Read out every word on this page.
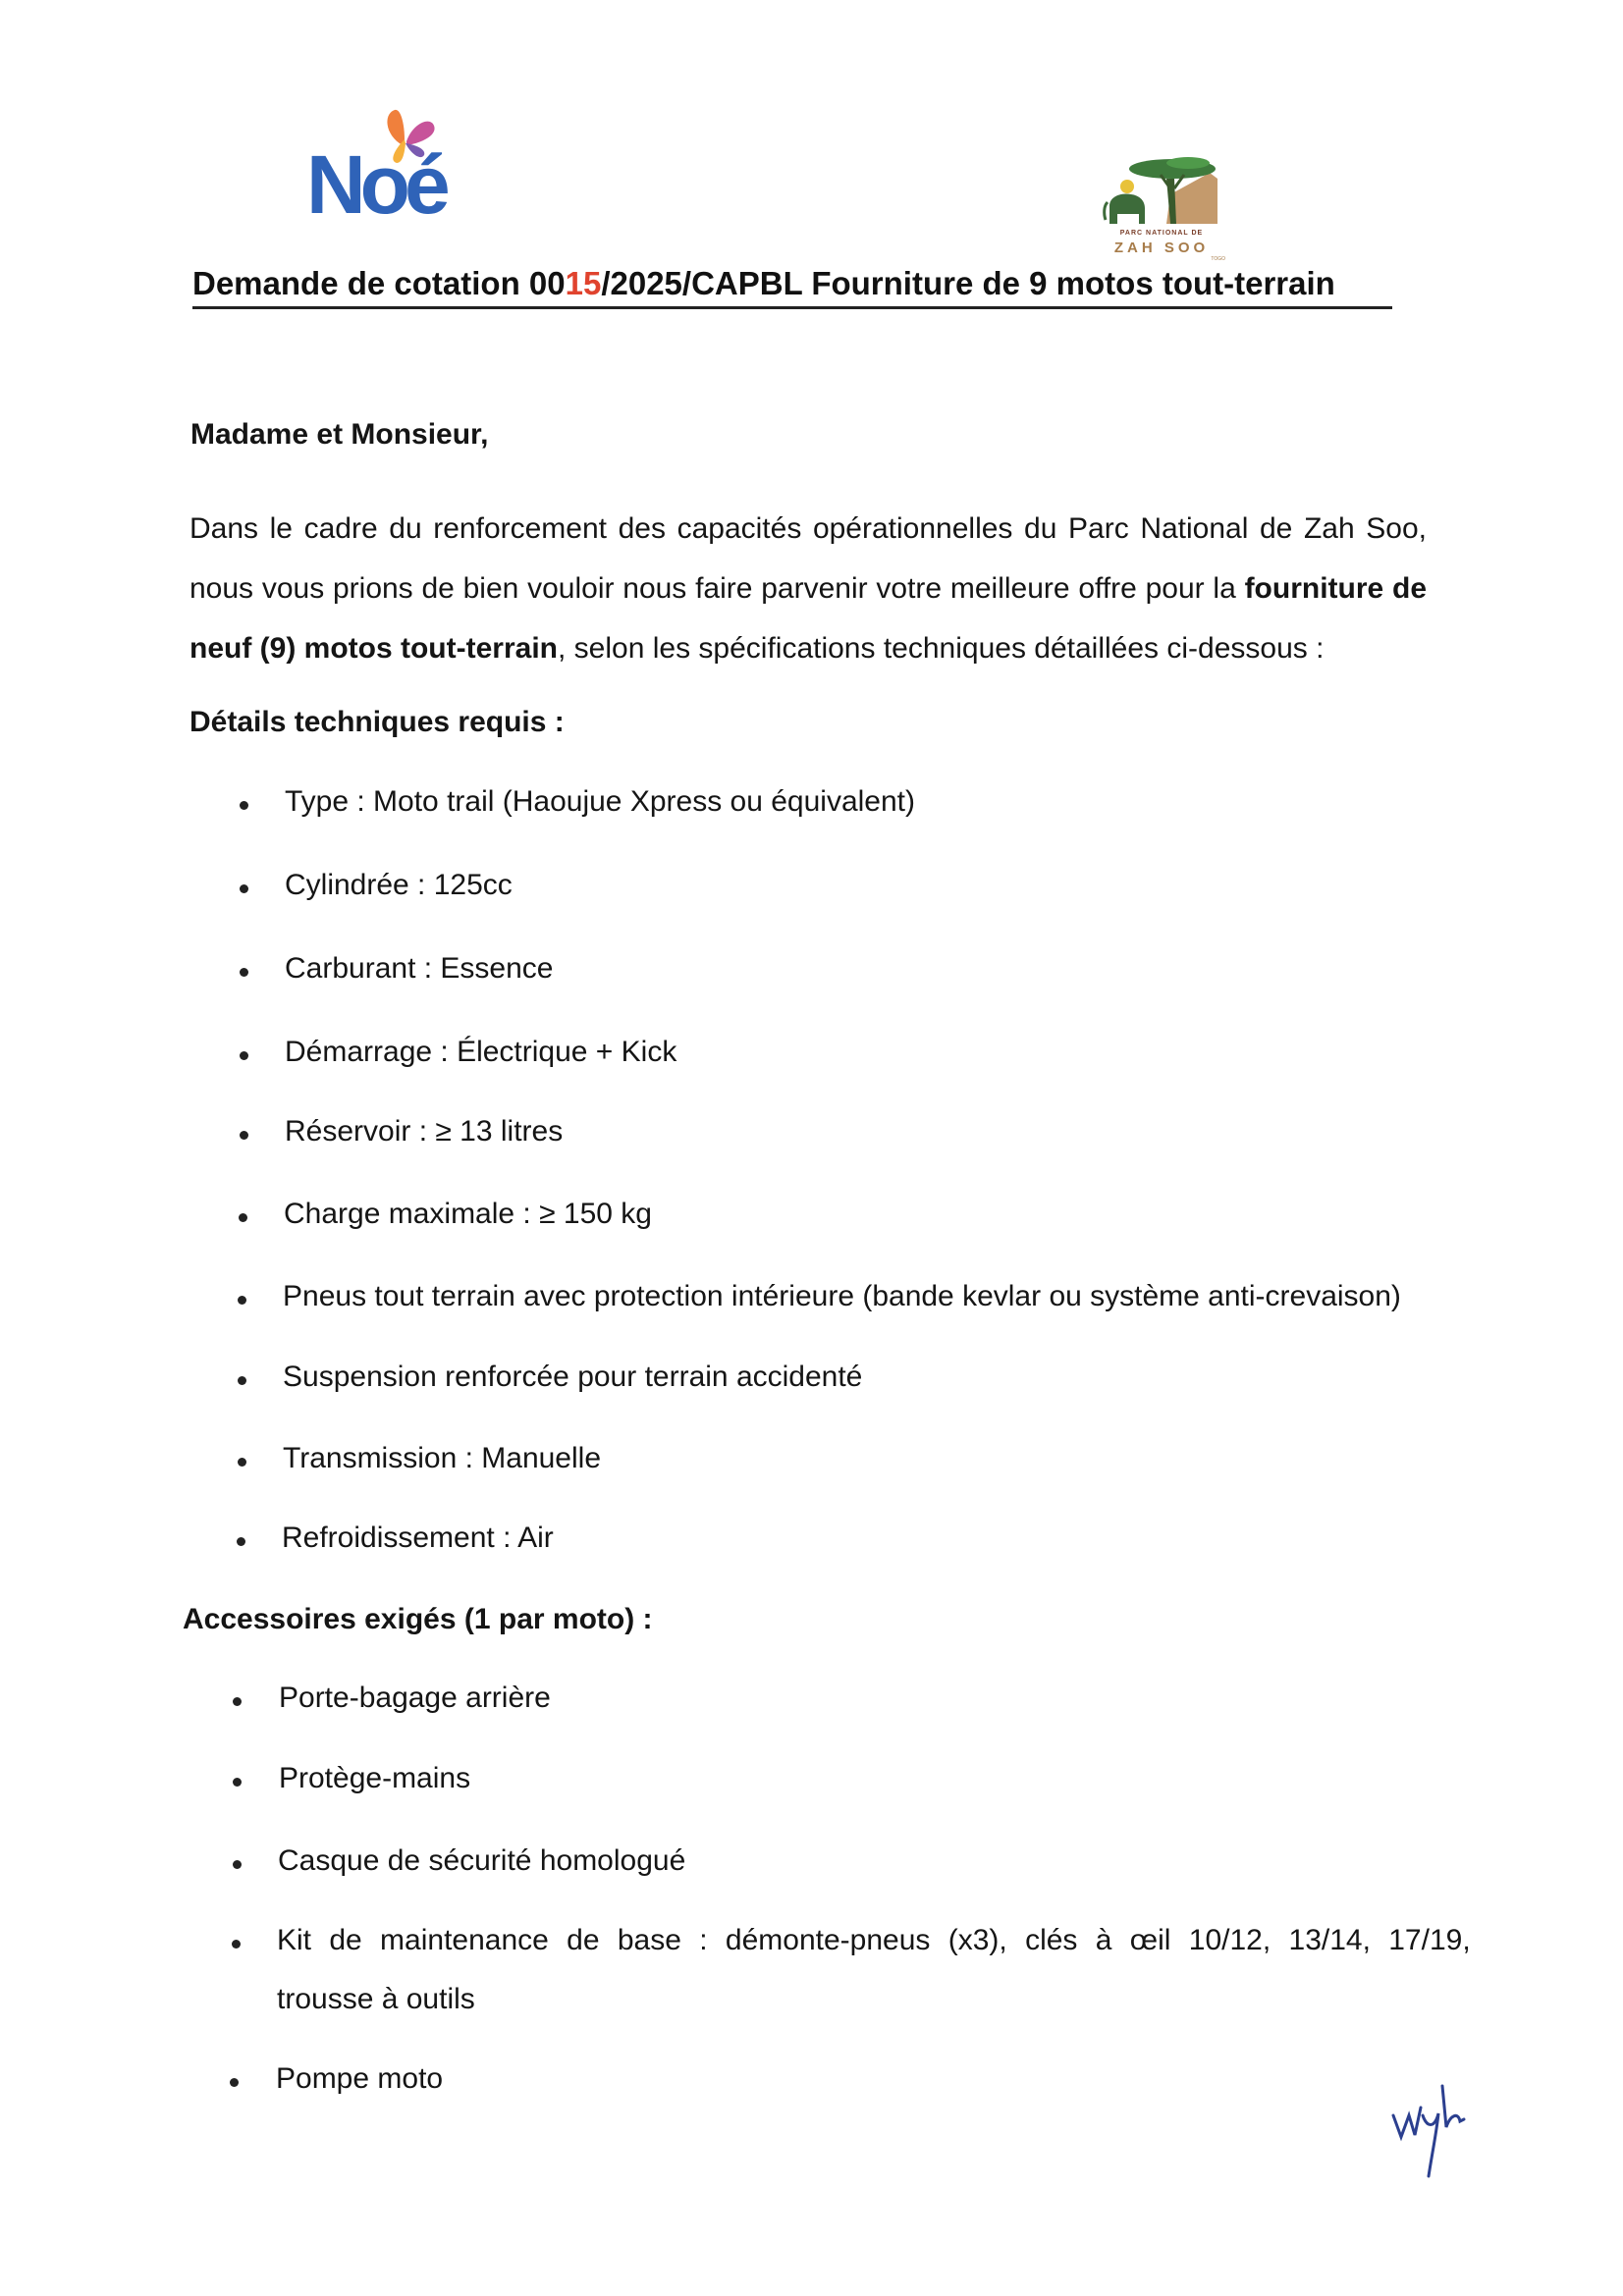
Noé
PARC NATIONAL DE
ZAH SOO
TOGO
Demande de cotation 0015/2025/CAPBL Fourniture de 9 motos tout-terrain
Madame et Monsieur,
Dans le cadre du renforcement des capacités opérationnelles du Parc National de Zah Soo, nous vous prions de bien vouloir nous faire parvenir votre meilleure offre pour la fourniture de neuf (9) motos tout-terrain, selon les spécifications techniques détaillées ci-dessous :
Détails techniques requis :
Type : Moto trail (Haoujue Xpress ou équivalent)
Cylindrée : 125cc
Carburant : Essence
Démarrage : Électrique + Kick
Réservoir : ≥ 13 litres
Charge maximale : ≥ 150 kg
Pneus tout terrain avec protection intérieure (bande kevlar ou système anti-crevaison)
Suspension renforcée pour terrain accidenté
Transmission : Manuelle
Refroidissement : Air
Accessoires exigés (1 par moto) :
Porte-bagage arrière
Protège-mains
Casque de sécurité homologué
Kit de maintenance de base : démonte-pneus (x3), clés à œil 10/12, 13/14, 17/19,
trousse à outils
Pompe moto
